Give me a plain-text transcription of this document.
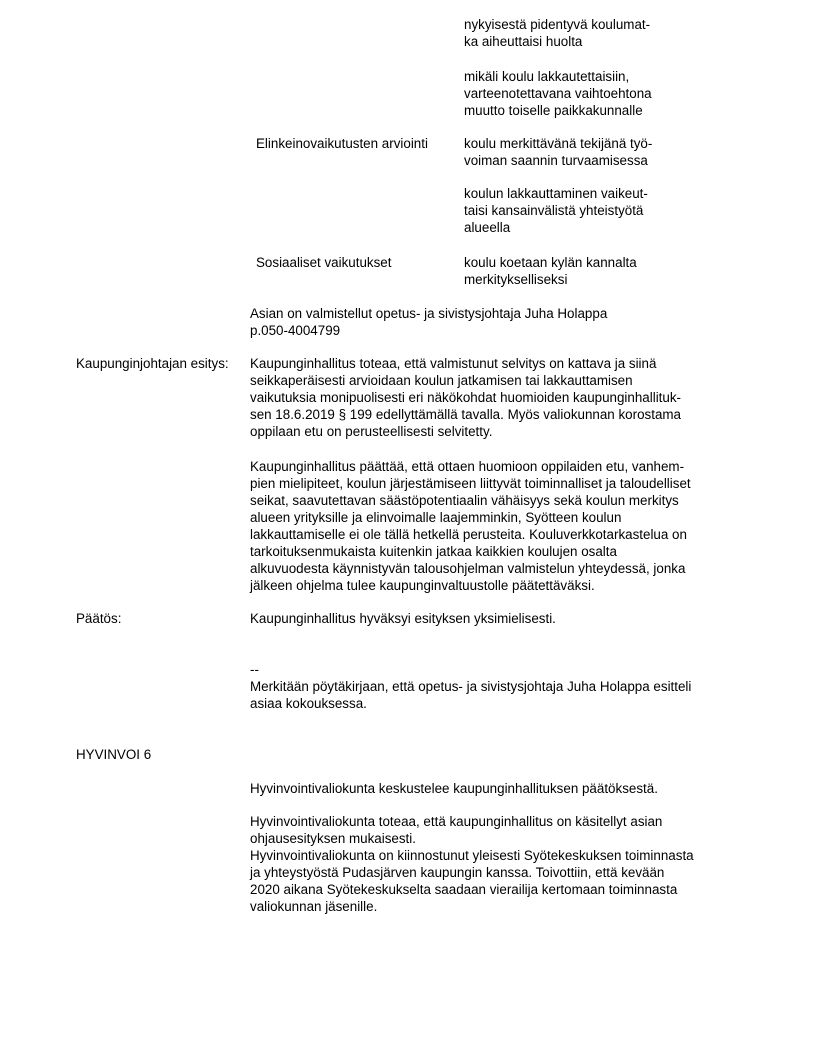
nykyisestä pidentyvä koulumat-
ka aiheuttaisi huolta

mikäli koulu lakkautettaisiin,
varteenotettavana vaihtoehtona
muutto toiselle paikkakunnalle

Elinkeinovaikutusten arviointi	koulu merkittävänä tekijänä työ-
voiman saannin turvaamisessa

koulun lakkauttaminen vaikeut-
taisi kansainvälistä yhteistyötä
alueella

Sosiaaliset vaikutukset	koulu koetaan kylän kannalta
merkitykselliseksi

Asian on valmistellut opetus- ja sivistysjohtaja Juha Holappa
p.050-4004799

Kaupunginjohtajan esitys: Kaupunginhallitus toteaa, että valmistunut selvitys on kattava ja siinä
seikkaperäisesti arvioidaan koulun jatkamisen tai lakkauttamisen
vaikutuksia monipuolisesti eri näkökohdat huomioiden kaupunginhallituk-
sen 18.6.2019 § 199 edellyttämällä tavalla. Myös valiokunnan korostama
oppilaan etu on perusteellisesti selvitetty.

Kaupunginhallitus päättää, että ottaen huomioon oppilaiden etu, vanhem-
pien mielipiteet, koulun järjestämiseen liittyvät toiminnalliset ja taloudelliset
seikat, saavutettavan säästöpotentiaalin vähäisyys sekä koulun merkitys
alueen yrityksille ja elinvoimalle laajemminkin, Syötteen koulun
lakkauttamiselle ei ole tällä hetkellä perusteita. Kouluverkkotarkastelua on
tarkoituksenmukaista kuitenkin jatkaa kaikkien koulujen osalta
alkuvuodesta käynnistyvän talousohjelman valmistelun yhteydessä, jonka
jälkeen ohjelma tulee kaupunginvaltuustolle päätettäväksi.

Päätös:	Kaupunginhallitus hyväksyi esityksen yksimielisesti.

--

Merkitään pöytäkirjaan, että opetus- ja sivistysjohtaja Juha Holappa esitteli
asiaa kokouksessa.

HYVINVOI 6

Hyvinvointivaliokunta keskustelee kaupunginhallituksen päätöksestä.

Hyvinvointivaliokunta toteaa, että kaupunginhallitus on käsitellyt asian
ohjausesityksen mukaisesti.
Hyvinvointivaliokunta on kiinnostunut yleisesti Syötekeskuksen toiminnasta
ja yhteystyöstä Pudasjärven kaupungin kanssa. Toivottiin, että kevään
2020 aikana Syötekeskukselta saadaan vierailija kertomaan toiminnasta
valiokunnan jäsenille.
